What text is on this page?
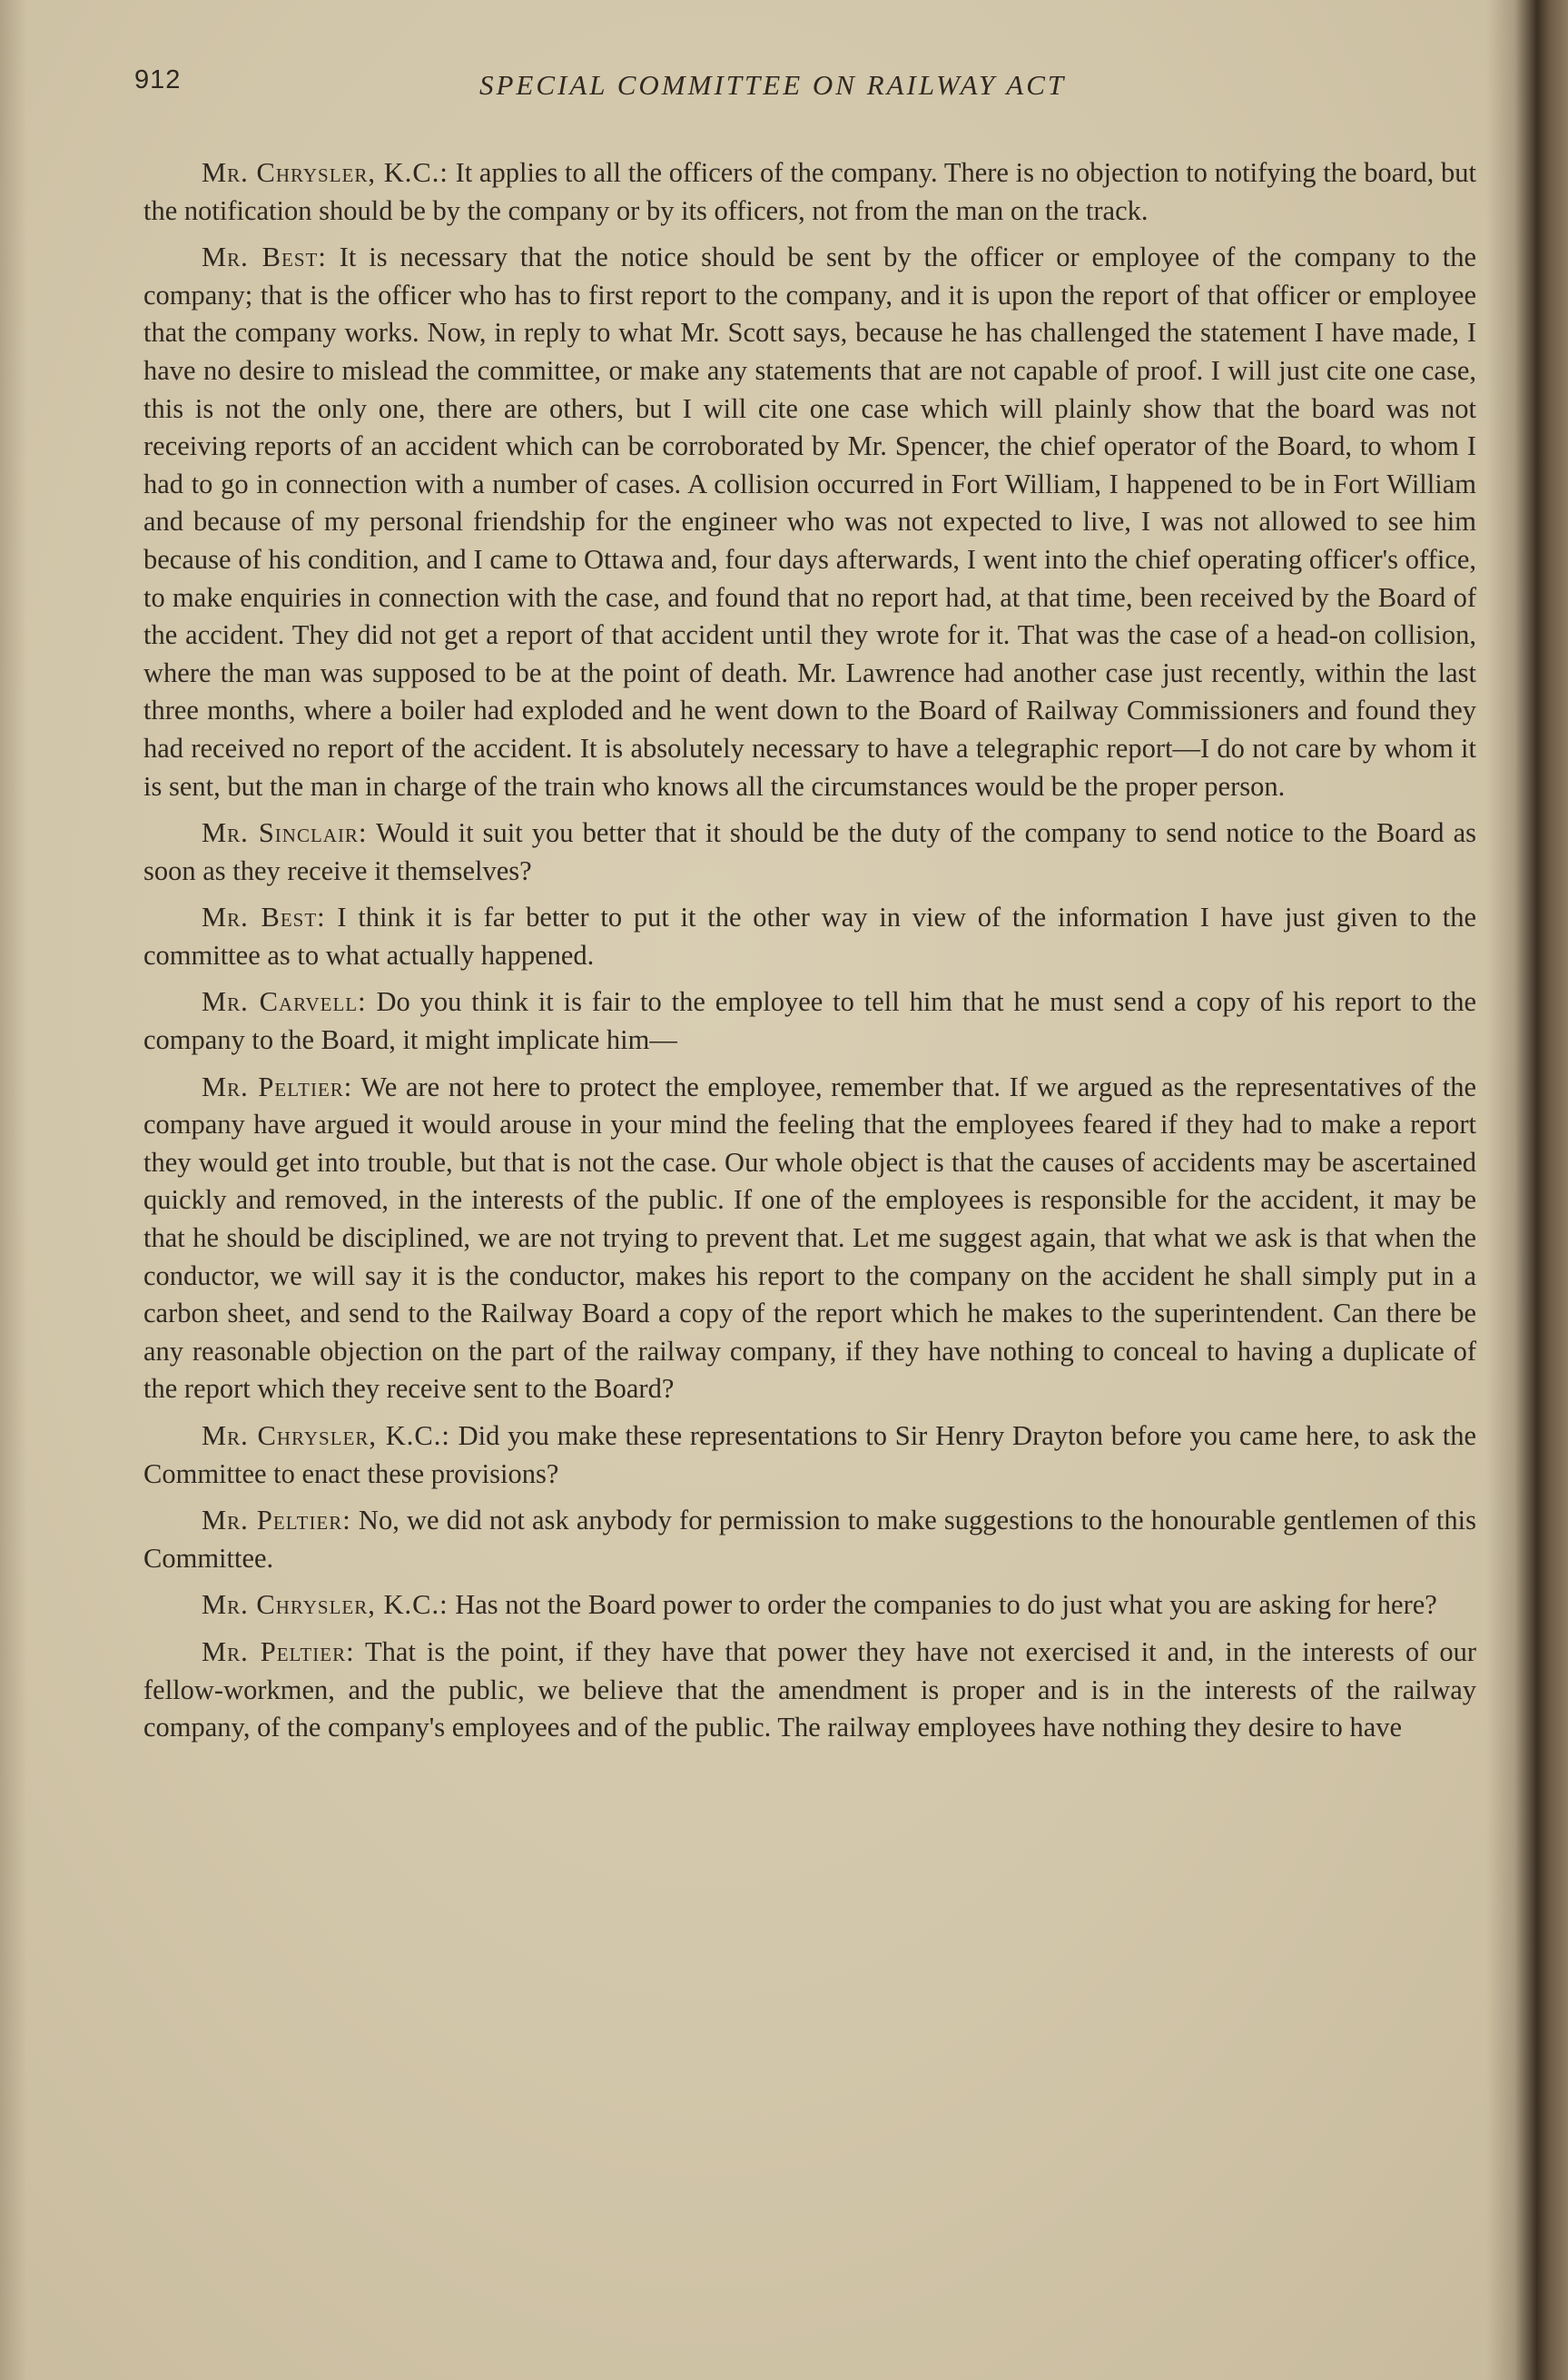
912	SPECIAL COMMITTEE ON RAILWAY ACT

Mr. Chrysler, K.C.: It applies to all the officers of the company. There is no objection to notifying the board, but the notification should be by the company or by its officers, not from the man on the track.

Mr. Best: It is necessary that the notice should be sent by the officer or employee of the company to the company; that is the officer who has to first report to the company, and it is upon the report of that officer or employee that the company works. Now, in reply to what Mr. Scott says, because he has challenged the statement I have made, I have no desire to mislead the committee, or make any statements that are not capable of proof. I will just cite one case, this is not the only one, there are others, but I will cite one case which will plainly show that the board was not receiving reports of an accident which can be corroborated by Mr. Spencer, the chief operator of the Board, to whom I had to go in connection with a number of cases. A collision occurred in Fort William, I happened to be in Fort William and because of my personal friendship for the engineer who was not expected to live, I was not allowed to see him because of his condition, and I came to Ottawa and, four days afterwards, I went into the chief operating officer's office, to make enquiries in connection with the case, and found that no report had, at that time, been received by the Board of the accident. They did not get a report of that accident until they wrote for it. That was the case of a head-on collision, where the man was supposed to be at the point of death. Mr. Lawrence had another case just recently, within the last three months, where a boiler had exploded and he went down to the Board of Railway Commissioners and found they had received no report of the accident. It is absolutely necessary to have a telegraphic report—I do not care by whom it is sent, but the man in charge of the train who knows all the circumstances would be the proper person.

Mr. Sinclair: Would it suit you better that it should be the duty of the company to send notice to the Board as soon as they receive it themselves?

Mr. Best: I think it is far better to put it the other way in view of the information I have just given to the committee as to what actually happened.

Mr. Carvell: Do you think it is fair to the employee to tell him that he must send a copy of his report to the company to the Board, it might implicate him—

Mr. Peltier: We are not here to protect the employee, remember that. If we argued as the representatives of the company have argued it would arouse in your mind the feeling that the employees feared if they had to make a report they would get into trouble, but that is not the case. Our whole object is that the causes of accidents may be ascertained quickly and removed, in the interests of the public. If one of the employees is responsible for the accident, it may be that he should be disciplined, we are not trying to prevent that. Let me suggest again, that what we ask is that when the conductor, we will say it is the conductor, makes his report to the company on the accident he shall simply put in a carbon sheet, and send to the Railway Board a copy of the report which he makes to the superintendent. Can there be any reasonable objection on the part of the railway company, if they have nothing to conceal to having a duplicate of the report which they receive sent to the Board?

Mr. Chrysler, K.C.: Did you make these representations to Sir Henry Drayton before you came here, to ask the Committee to enact these provisions?

Mr. Peltier: No, we did not ask anybody for permission to make suggestions to the honourable gentlemen of this Committee.

Mr. Chrysler, K.C.: Has not the Board power to order the companies to do just what you are asking for here?

Mr. Peltier: That is the point, if they have that power they have not exercised it and, in the interests of our fellow-workmen, and the public, we believe that the amendment is proper and is in the interests of the railway company, of the company's employees and of the public. The railway employees have nothing they desire to have
